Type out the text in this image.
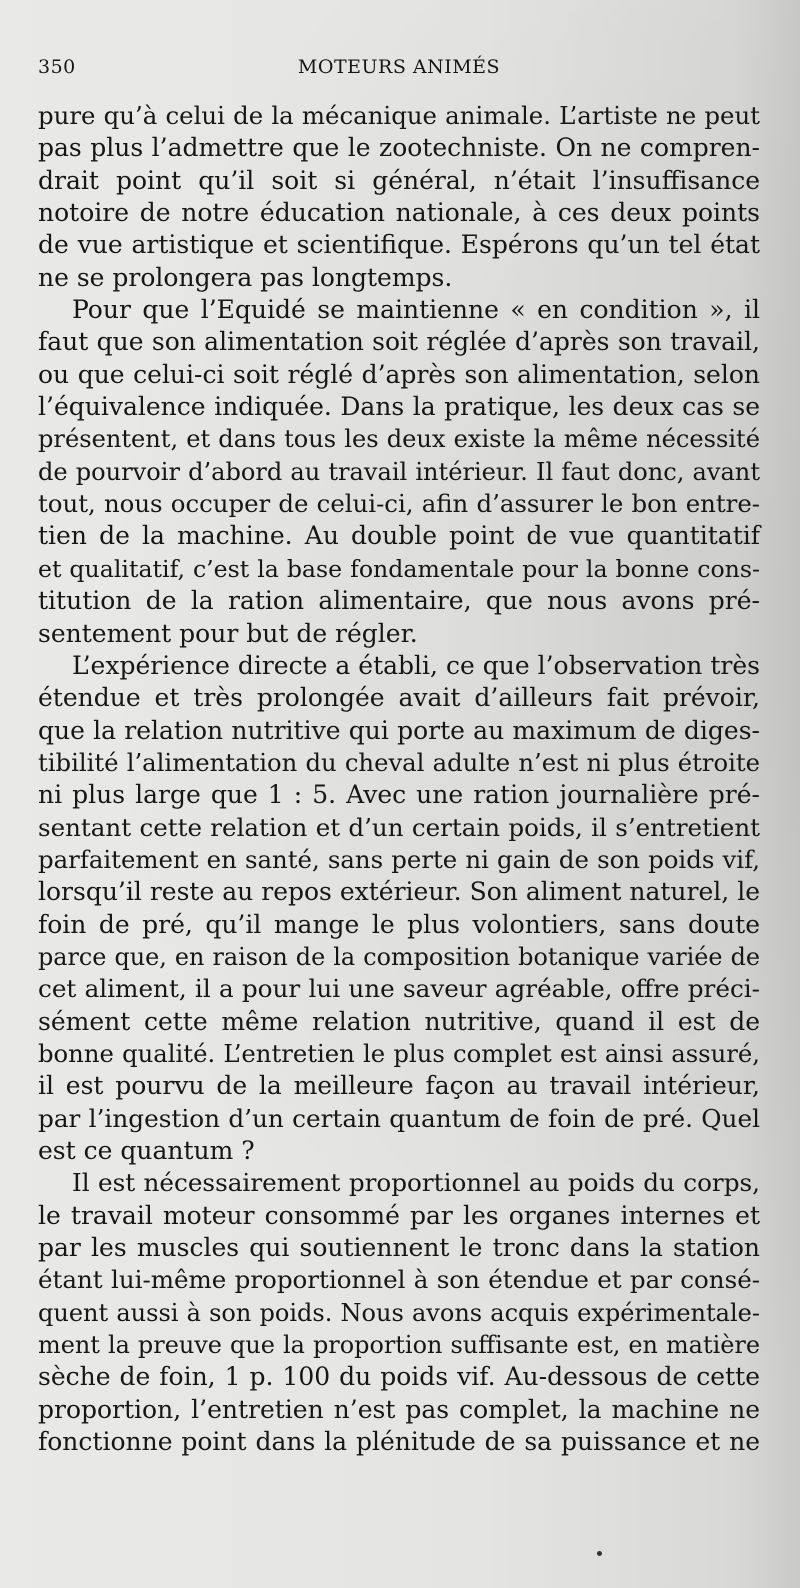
350	MOTEURS ANIMÉS
pure qu’à celui de la mécanique animale. L’artiste ne peut
pas plus l’admettre que le zootechniste. On ne compren-
drait point qu’il soit si général, n’était l’insuffisance
notoire de notre éducation nationale, à ces deux points
de vue artistique et scientifique. Espérons qu’un tel état
ne se prolongera pas longtemps.
Pour que l’Equidé se maintienne « en condition », il
faut que son alimentation soit réglée d’après son travail,
ou que celui-ci soit réglé d’après son alimentation, selon
l’équivalence indiquée. Dans la pratique, les deux cas se
présentent, et dans tous les deux existe la même nécessité
de pourvoir d’abord au travail intérieur. Il faut donc, avant
tout, nous occuper de celui-ci, afin d’assurer le bon entre-
tien de la machine. Au double point de vue quantitatif
et qualitatif, c’est la base fondamentale pour la bonne cons-
titution de la ration alimentaire, que nous avons pré-
sentement pour but de régler.
L’expérience directe a établi, ce que l’observation très
étendue et très prolongée avait d’ailleurs fait prévoir,
que la relation nutritive qui porte au maximum de diges-
tibilité l’alimentation du cheval adulte n’est ni plus étroite
ni plus large que 1 : 5. Avec une ration journalière pré-
sentant cette relation et d’un certain poids, il s’entretient
parfaitement en santé, sans perte ni gain de son poids vif,
lorsqu’il reste au repos extérieur. Son aliment naturel, le
foin de pré, qu’il mange le plus volontiers, sans doute
parce que, en raison de la composition botanique variée de
cet aliment, il a pour lui une saveur agréable, offre préci-
sément cette même relation nutritive, quand il est de
bonne qualité. L’entretien le plus complet est ainsi assuré,
il est pourvu de la meilleure façon au travail intérieur,
par l’ingestion d’un certain quantum de foin de pré. Quel
est ce quantum ?
Il est nécessairement proportionnel au poids du corps,
le travail moteur consommé par les organes internes et
par les muscles qui soutiennent le tronc dans la station
étant lui-même proportionnel à son étendue et par consé-
quent aussi à son poids. Nous avons acquis expérimentale-
ment la preuve que la proportion suffisante est, en matière
sèche de foin, 1 p. 100 du poids vif. Au-dessous de cette
proportion, l’entretien n’est pas complet, la machine ne
fonctionne point dans la plénitude de sa puissance et ne
